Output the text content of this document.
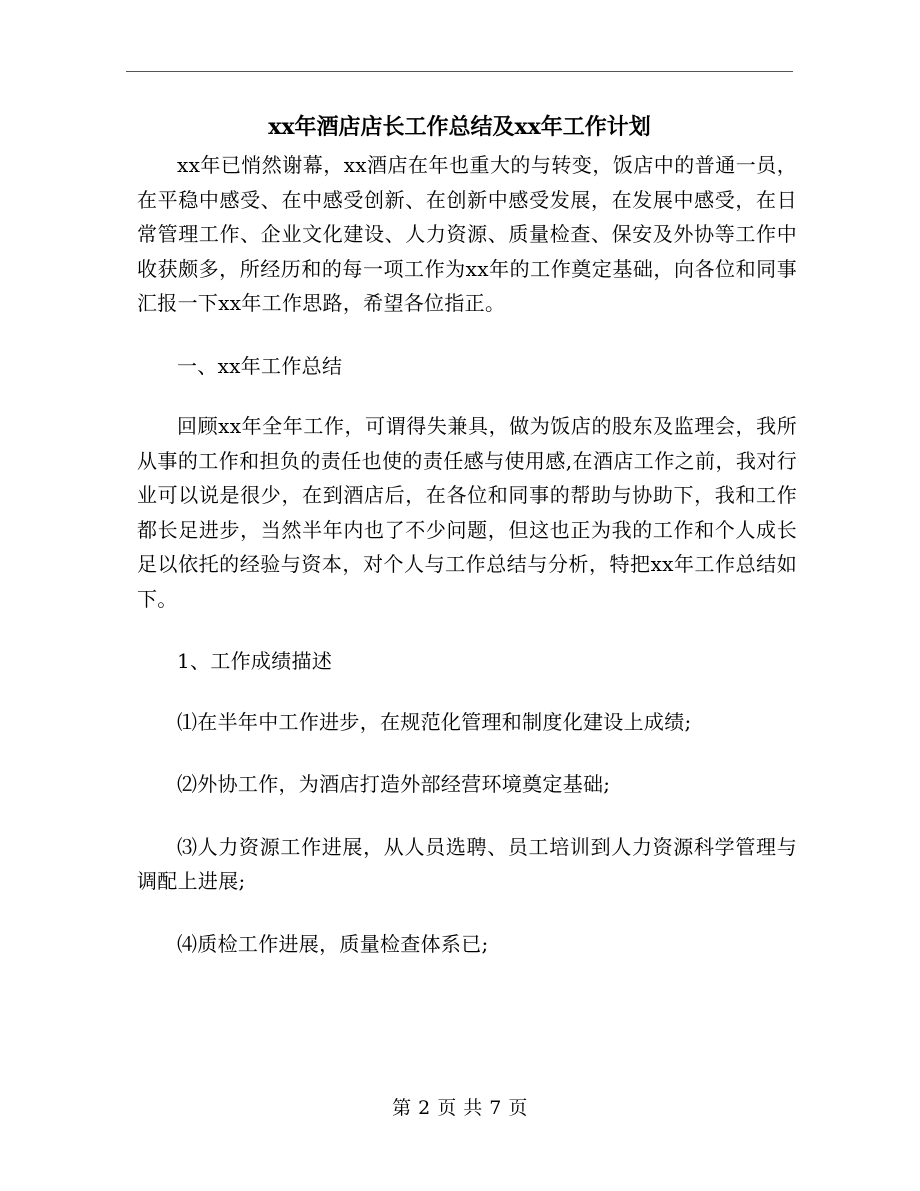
xx年酒店店长工作总结及xx年工作计划

xx年已悄然谢幕，xx酒店在年也重大的与转变，饭店中的普通一员，在平稳中感受、在中感受创新、在创新中感受发展，在发展中感受，在日常管理工作、企业文化建设、人力资源、质量检查、保安及外协等工作中收获颇多，所经历和的每一项工作为xx年的工作奠定基础，向各位和同事汇报一下xx年工作思路，希望各位指正。

一、xx年工作总结

回顾xx年全年工作，可谓得失兼具，做为饭店的股东及监理会，我所从事的工作和担负的责任也使的责任感与使用感,在酒店工作之前，我对行业可以说是很少，在到酒店后，在各位和同事的帮助与协助下，我和工作都长足进步，当然半年内也了不少问题，但这也正为我的工作和个人成长足以依托的经验与资本，对个人与工作总结与分析，特把xx年工作总结如下。

1、工作成绩描述

⑴在半年中工作进步，在规范化管理和制度化建设上成绩;

⑵外协工作，为酒店打造外部经营环境奠定基础;

⑶人力资源工作进展，从人员选聘、员工培训到人力资源科学管理与调配上进展;

⑷质检工作进展，质量检查体系已;

第 2 页 共 7 页
